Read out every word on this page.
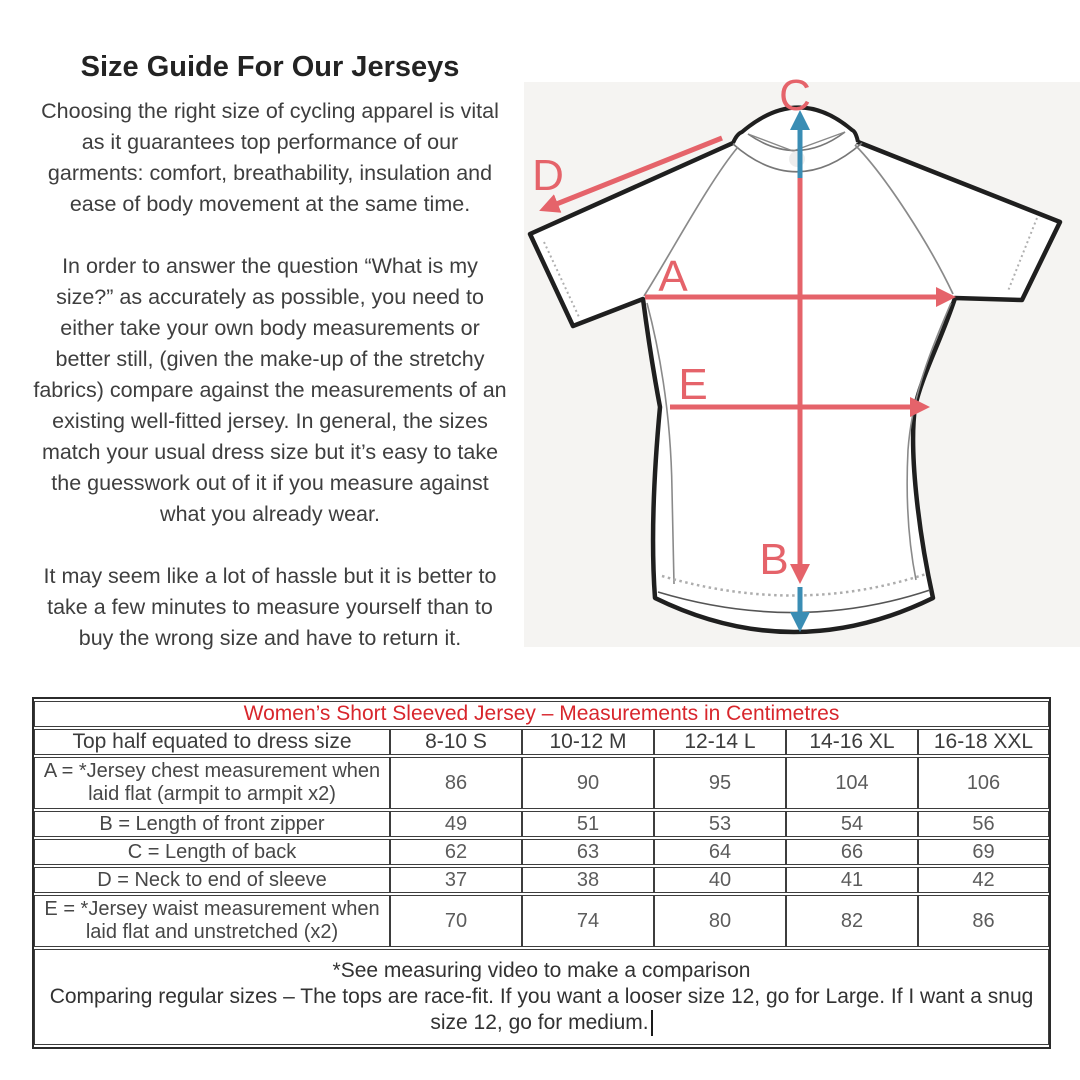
Size Guide For Our Jerseys
Choosing the right size of cycling apparel is vital
as it guarantees top performance of our
garments: comfort, breathability, insulation and
ease of body movement at the same time.
In order to answer the question “What is my
size?” as accurately as possible, you need to
either take your own body measurements or
better still, (given the make-up of the stretchy
fabrics) compare against the measurements of an
existing well-fitted jersey. In general, the sizes
match your usual dress size but it’s easy to take
the guesswork out of it if you measure against
what you already wear.
It may seem like a lot of hassle but it is better to
take a few minutes to measure yourself than to
buy the wrong size and have to return it.
C
D
A
E
B
Women’s Short Sleeved Jersey – Measurements in Centimetres					
Top half equated to dress size	8-10 S	10-12 M	12-14 L	14-16 XL	16-18 XXL
A = *Jersey chest measurement when laid flat (armpit to armpit x2)	86	90	95	104	106
B = Length of front zipper	49	51	53	54	56
C = Length of back	62	63	64	66	69
D = Neck to end of sleeve	37	38	40	41	42
E = *Jersey waist measurement when laid flat and unstretched (x2)	70	74	80	82	86

*See measuring video to make a comparison
Comparing regular sizes – The tops are race-fit. If you want a looser size 12, go for Large. If I want a snug size 12, go for medium.					
